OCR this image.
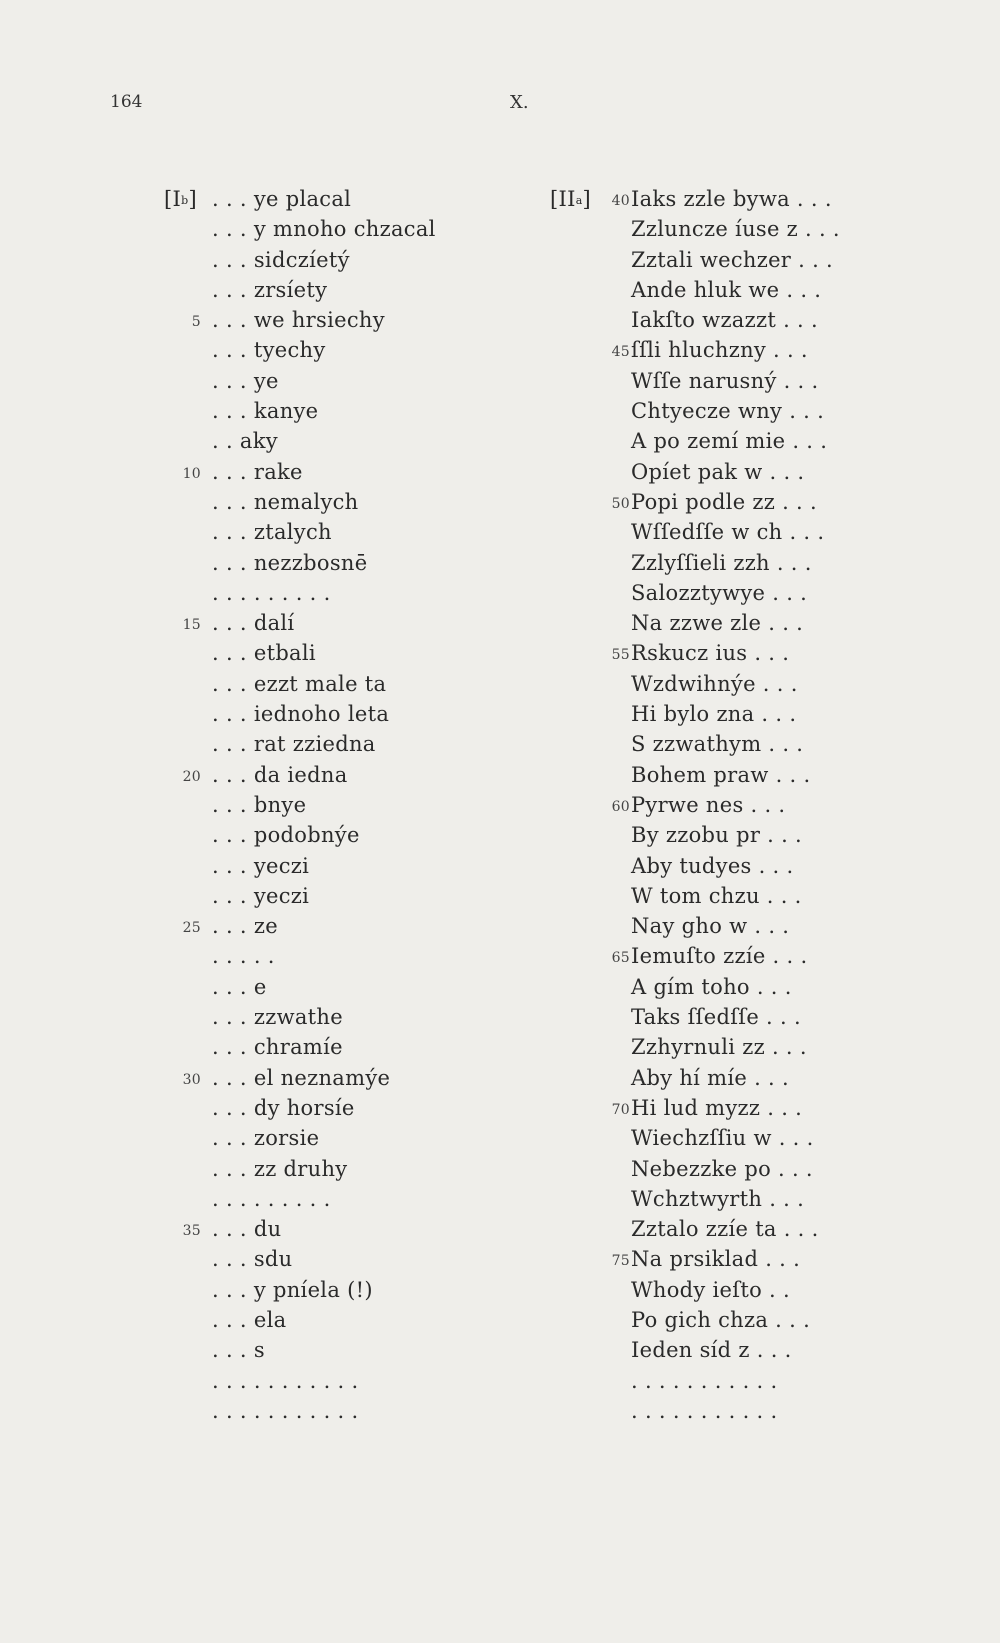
164	X.
$[I^b]$ . . . ye placal
. . . y mnoho chzacal
. . . sidczíetý
. . . zrsíety
5 . . . we hrsiechy
. . . tyechy
. . . ye
. . . kanye
. . aky
10 . . . rake
. . . nemalych
. . . ztalych
. . . nezzbosnē
. . . . . . . . .
15 . . . dalí
. . . etbali
. . . ezzt male ta
. . . iednoho leta
. . . rat zziedna
20 . . . da iedna
. . . bnye
. . . podobnýe
. . . yeczi
. . . yeczi
25 . . . ze
. . . . .
. . . e
. . . zzwathe
. . . chramíe
30 . . . el neznamýe
. . . dy horsíe
. . . zorsie
. . . zz druhy
. . . . . . . . .
35 . . . du
. . . sdu
. . . y pníela (!)
. . . ela
. . . s
. . . . . . . . . . .
. . . . . . . . . . .
$[II^a]$	40 Iaks zzle bywa . . .
Zzluncze íuse z . . .
Zztali wechzer . . .
Ande hluk we . . .
Iakſto wzazzt . . .
45 ſſli hluchzny . . .
Wſſe narusný . . .
Chtyecze wny . . .
A po zemí mie . . .
Opíet pak w . . .
50 Popi podle zz . . .
Wſſedſſe w ch . . .
Zzlyſſieli zzh . . .
Salozztywye . . .
Na zzwe zle . . .
55 Rskucz ius . . .
Wzdwihnýe . . .
Hi bylo zna . . .
S zzwathym . . .
Bohem praw . . .
60 Pyrwe nes . . .
By zzobu pr . . .
Aby tudyes . . .
W tom chzu . . .
Nay gho w . . .
65 Iemuſto zzíe . . .
A gím toho . . .
Taks ſſedſſe . . .
Zzhyrnuli zz . . .
Aby hí míe . . .
70 Hi lud myzz . . .
Wiechzſſiu w . . .
Nebezzke po . . .
Wchztwyrth . . .
Zztalo zzíe ta . . .
75 Na prsiklad . . .
Whody ieſto . .
Po gich chza . . .
Ieden síd z . . .
. . . . . . . . . . .
. . . . . . . . . . .
